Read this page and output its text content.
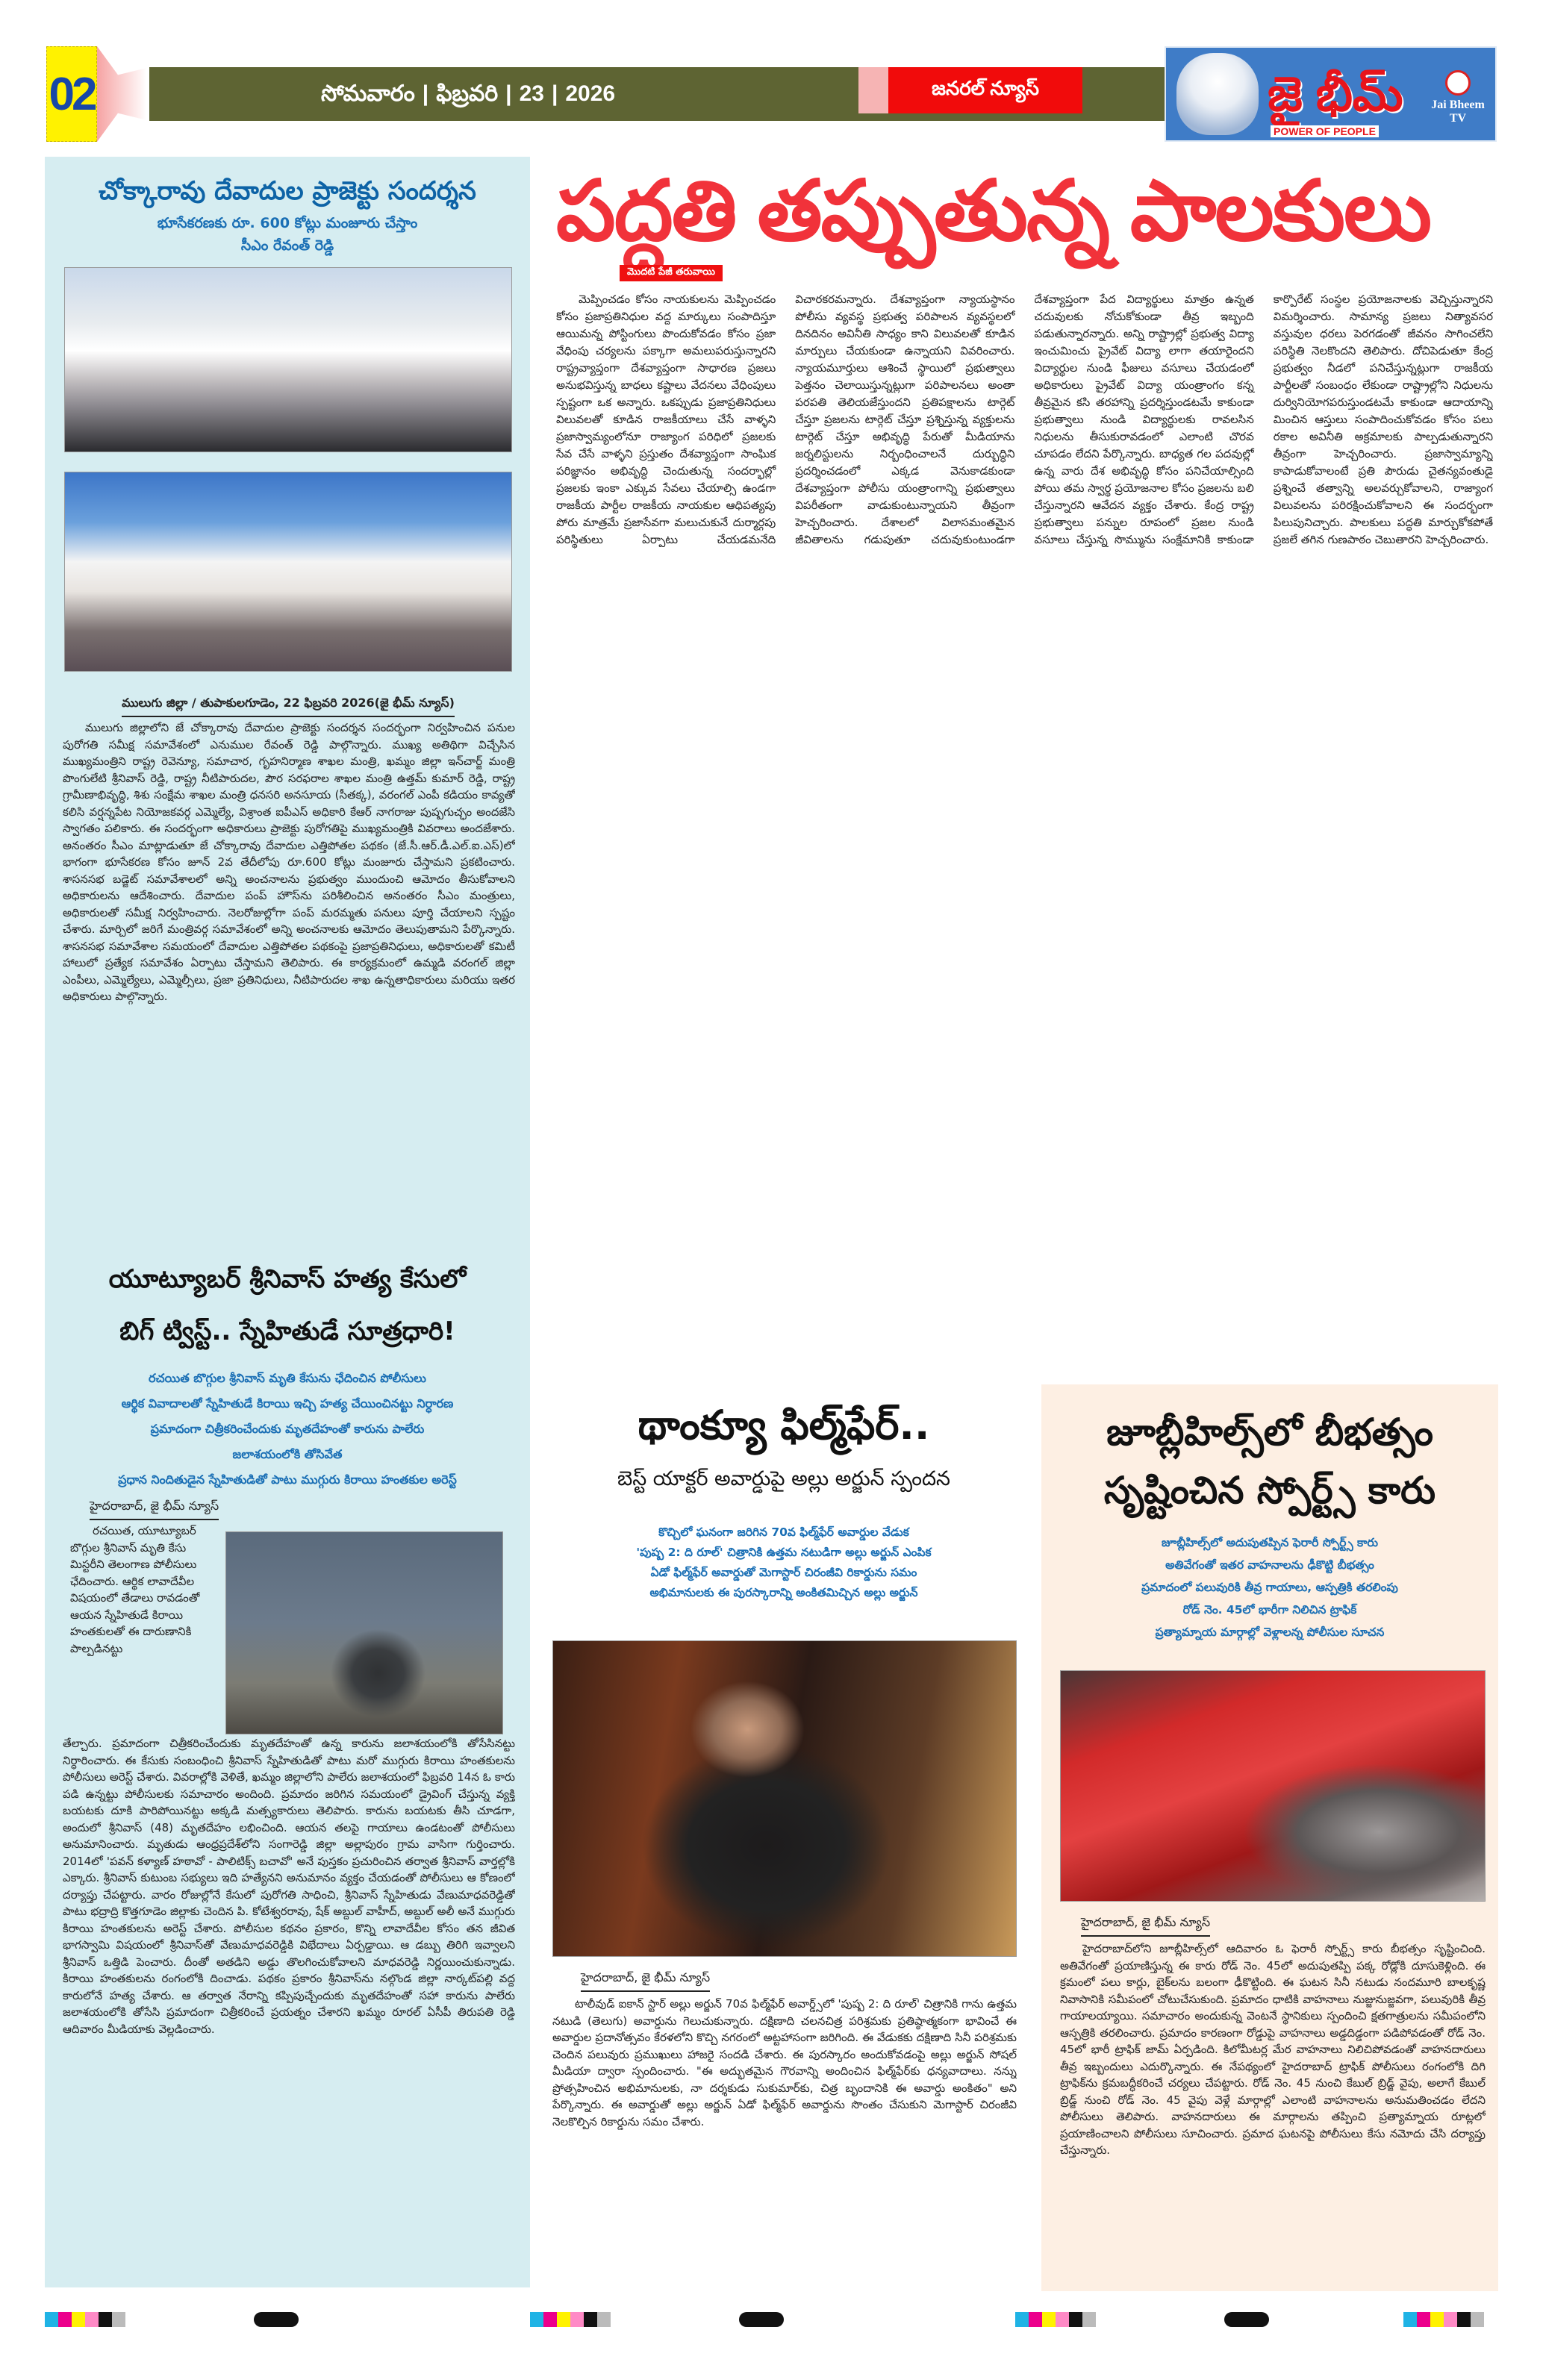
02	సోమవారం | ఫిబ్రవరి | 23 | 2026	జనరల్ న్యూస్	జై భీమ్
POWER OF PEOPLE
Jai Bheem TV
చోక్కారావు దేవాదుల ప్రాజెక్టు సందర్శన
భూసేకరణకు రూ. 600 కోట్లు మంజూరు చేస్తాం
సీఎం రేవంత్ రెడ్డి
ములుగు జిల్లా / తుపాకులగూడెం, 22 ఫిబ్రవరి 2026(జై భీమ్ న్యూస్)

ములుగు జిల్లాలోని జే చోక్కారావు దేవాదుల ప్రాజెక్టు సందర్శన సందర్భంగా నిర్వహించిన పనుల పురోగతి సమీక్ష సమావేశంలో ఎనుముల రేవంత్ రెడ్డి పాల్గొన్నారు. ముఖ్య అతిథిగా విచ్చేసిన ముఖ్యమంత్రిని రాష్ట్ర రెవెన్యూ, సమాచార, గృహనిర్మాణ శాఖల మంత్రి, ఖమ్మం జిల్లా ఇన్‌చార్జ్ మంత్రి పొంగులేటి శ్రీనివాస్ రెడ్డి, రాష్ట్ర నీటిపారుదల, పౌర సరఫరాల శాఖల మంత్రి ఉత్తమ్ కుమార్ రెడ్డి, రాష్ట్ర గ్రామీణాభివృద్ధి, శిశు సంక్షేమ శాఖల మంత్రి ధనసరి అనసూయ (సీతక్క), వరంగల్ ఎంపీ కడియం కావ్యతో కలిసి వర్షన్నపేట నియోజకవర్గ ఎమ్మెల్యే, విశ్రాంత ఐపీఎస్ అధికారి కేఆర్ నాగరాజు పుష్పగుచ్ఛం అందజేసి స్వాగతం పలికారు. ఈ సందర్భంగా అధికారులు ప్రాజెక్టు పురోగతిపై ముఖ్యమంత్రికి వివరాలు అందజేశారు. అనంతరం సీఎం మాట్లాడుతూ జే చోక్కారావు దేవాదుల ఎత్తిపోతల పథకం (జే.సీ.ఆర్.డీ.ఎల్.ఐ.ఎస్)లో భాగంగా భూసేకరణ కోసం జూన్ 2వ తేదీలోపు రూ.600 కోట్లు మంజూరు చేస్తామని ప్రకటించారు. శాసనసభ బడ్జెట్ సమావేశాలలో అన్ని అంచనాలను ప్రభుత్వం ముందుంచి ఆమోదం తీసుకోవాలని అధికారులను ఆదేశించారు. దేవాదుల పంప్ హౌస్‌ను పరిశీలించిన అనంతరం సీఎం మంత్రులు, అధికారులతో సమీక్ష నిర్వహించారు. నెలరోజుల్లోగా పంప్ మరమ్మతు పనులు పూర్తి చేయాలని స్పష్టం చేశారు. మార్చిలో జరిగే మంత్రివర్గ సమావేశంలో అన్ని అంచనాలకు ఆమోదం తెలుపుతామని పేర్కొన్నారు. శాసనసభ సమావేశాల సమయంలో దేవాదుల ఎత్తిపోతల పథకంపై ప్రజాప్రతినిధులు, అధికారులతో కమిటీ హాలులో ప్రత్యేక సమావేశం ఏర్పాటు చేస్తామని తెలిపారు. ఈ కార్యక్రమంలో ఉమ్మడి వరంగల్ జిల్లా ఎంపీలు, ఎమ్మెల్యేలు, ఎమ్మెల్సీలు, ప్రజా ప్రతినిధులు, నీటిపారుదల శాఖ ఉన్నతాధికారులు మరియు ఇతర అధికారులు పాల్గొన్నారు.

యూట్యూబర్ శ్రీనివాస్ హత్య కేసులో
బిగ్ ట్విస్ట్.. స్నేహితుడే సూత్రధారి!
రచయిత బొగ్గుల శ్రీనివాస్ మృతి కేసును ఛేదించిన పోలీసులు
ఆర్థిక వివాదాలతో స్నేహితుడే కిరాయి ఇచ్చి హత్య చేయించినట్టు నిర్ధారణ
ప్రమాదంగా చిత్రీకరించేందుకు మృతదేహంతో కారును పాలేరు
జలాశయంలోకి తోసివేత
ప్రధాన నిందితుడైన స్నేహితుడితో పాటు ముగ్గురు కిరాయి హంతకుల అరెస్ట్
హైదరాబాద్, జై భీమ్ న్యూస్

రచయిత, యూట్యూబర్ బొగ్గుల శ్రీనివాస్ మృతి కేసు మిస్టరీని తెలంగాణ పోలీసులు ఛేదించారు. ఆర్థిక లావాదేవీల విషయంలో తేడాలు రావడంతో ఆయన స్నేహితుడే కిరాయి హంతకులతో ఈ దారుణానికి పాల్పడినట్టు

తేల్చారు. ప్రమాదంగా చిత్రీకరించేందుకు మృతదేహంతో ఉన్న కారును జలాశయంలోకి తోసేసినట్టు నిర్ధారించారు. ఈ కేసుకు సంబంధించి శ్రీనివాస్ స్నేహితుడితో పాటు మరో ముగ్గురు కిరాయి హంతకులను పోలీసులు అరెస్ట్ చేశారు. వివరాల్లోకి వెళితే, ఖమ్మం జిల్లాలోని పాలేరు జలాశయంలో ఫిబ్రవరి 14న ఓ కారు పడి ఉన్నట్టు పోలీసులకు సమాచారం అందింది. ప్రమాదం జరిగిన సమయంలో డ్రైవింగ్ చేస్తున్న వ్యక్తి బయటకు దూకి పారిపోయినట్టు అక్కడి మత్స్యకారులు తెలిపారు. కారును బయటకు తీసి చూడగా, అందులో శ్రీనివాస్ (48) మృతదేహం లభించింది. ఆయన తలపై గాయాలు ఉండటంతో పోలీసులు అనుమానించారు. మృతుడు ఆంధ్రప్రదేశ్‌లోని సంగారెడ్డి జిల్లా అల్లాపురం గ్రామ వాసిగా గుర్తించారు. 2014లో 'పవన్ కళ్యాణ్ హఠావో - పాలిటిక్స్ బచావో' అనే పుస్తకం ప్రచురించిన తర్వాత శ్రీనివాస్ వార్తల్లోకి ఎక్కారు. శ్రీనివాస్ కుటుంబ సభ్యులు ఇది హత్యేనని అనుమానం వ్యక్తం చేయడంతో పోలీసులు ఆ కోణంలో దర్యాప్తు చేపట్టారు. వారం రోజుల్లోనే కేసులో పురోగతి సాధించి, శ్రీనివాస్ స్నేహితుడు వేణుమాధవరెడ్డితో పాటు భద్రాద్రి కొత్తగూడెం జిల్లాకు చెందిన పి. కోటేశ్వరరావు, షేక్ అబ్దుల్ వాహీద్, అబ్దుల్ అలీ అనే ముగ్గురు కిరాయి హంతకులను అరెస్ట్ చేశారు. పోలీసుల కథనం ప్రకారం, కొన్ని లావాదేవీల కోసం తన జీవిత భాగస్వామి విషయంలో శ్రీనివాస్‌తో వేణుమాధవరెడ్డికి విభేదాలు ఏర్పడ్డాయి. ఆ డబ్బు తిరిగి ఇవ్వాలని శ్రీనివాస్ ఒత్తిడి పెంచారు. దీంతో అతడిని అడ్డు తొలగించుకోవాలని మాధవరెడ్డి నిర్ణయించుకున్నాడు. కిరాయి హంతకులను రంగంలోకి దించాడు. పథకం ప్రకారం శ్రీనివాస్‌ను నల్గొండ జిల్లా నార్కట్‌పల్లి వద్ద కారులోనే హత్య చేశారు. ఆ తర్వాత నేరాన్ని కప్పిపుచ్చేందుకు మృతదేహంతో సహా కారును పాలేరు జలాశయంలోకి తోసేసి ప్రమాదంగా చిత్రీకరించే ప్రయత్నం చేశారని ఖమ్మం రూరల్ ఏసీపీ తిరుపతి రెడ్డి ఆదివారం మీడియాకు వెల్లడించారు.

పద్ధతి తప్పుతున్న పాలకులు
మొదటి పేజీ తరువాయి

మెప్పించడం కోసం నాయకులను మెప్పించడం కోసం ప్రజాప్రతినిధుల వద్ద మార్కులు సంపాదిస్తూ ఆయిమన్న పోస్టింగులు పొందుకోవడం కోసం ప్రజా వేధింపు చర్యలను పక్కాగా అమలుపరుస్తున్నారని రాష్ట్రవ్యాప్తంగా దేశవ్యాప్తంగా సాధారణ ప్రజలు అనుభవిస్తున్న బాధలు కష్టాలు వేదనలు వేధింపులు స్పష్టంగా ఒక అన్నారు. ఒకప్పుడు ప్రజాప్రతినిధులు విలువలతో కూడిన రాజకీయాలు చేసే వాళ్ళని ప్రజాస్వామ్యంలోనూ రాజ్యాంగ పరిధిలో ప్రజలకు సేవ చేసే వాళ్ళని ప్రస్తుతం దేశవ్యాప్తంగా సాంఘిక పరిజ్ఞానం అభివృద్ధి చెందుతున్న సందర్భాల్లో ప్రజలకు ఇంకా ఎక్కువ సేవలు చేయాల్సి ఉండగా రాజకీయ పార్టీల రాజకీయ నాయకుల ఆధిపత్యపు పోరు మాత్రమే ప్రజాసేవగా మలుచుకునే దుర్మార్గపు పరిస్థితులు ఏర్పాటు చేయడమనేది విచారకరమన్నారు. దేశవ్యాప్తంగా న్యాయస్థానం పోలీసు వ్యవస్థ ప్రభుత్వ పరిపాలన వ్యవస్థలలో దినదినం అవినీతి సాధ్యం కాని విలువలతో కూడిన మార్పులు చేయకుండా ఉన్నాయని వివరించారు. న్యాయమూర్తులు ఆశించే స్థాయిలో ప్రభుత్వాలు పెత్తనం చెలాయిస్తున్నట్లుగా పరిపాలనలు అంతా పరపతి తెలియజేస్తుందని ప్రతిపక్షాలను టార్గెట్ చేస్తూ ప్రజలను టార్గెట్ చేస్తూ ప్రశ్నిస్తున్న వ్యక్తులను టార్గెట్ చేస్తూ అభివృద్ధి పేరుతో మీడియాను జర్నలిస్టులను నిర్బంధించాలనే దుర్బుద్ధిని ప్రదర్శించడంలో ఎక్కడ వెనుకాడకుండా దేశవ్యాప్తంగా పోలీసు యంత్రాంగాన్ని ప్రభుత్వాలు విపరీతంగా వాడుకుంటున్నాయని తీవ్రంగా హెచ్చరించారు. దేశాలలో విలాసమంతమైన జీవితాలను గడుపుతూ చదువుకుంటుండగా దేశవ్యాప్తంగా పేద విద్యార్థులు మాత్రం ఉన్నత చదువులకు నోచుకోకుండా తీవ్ర ఇబ్బంది పడుతున్నారన్నారు. అన్ని రాష్ట్రాల్లో ప్రభుత్వ విద్యా ఇంచుమించు ప్రైవేట్ విద్యా లాగా తయారైందని విద్యార్థుల నుండి ఫీజులు వసూలు చేయడంలో అధికారులు ప్రైవేట్ విద్యా యంత్రాంగం కన్న తీవ్రమైన కసి తరహాన్ని ప్రదర్శిస్తుండటమే కాకుండా ప్రభుత్వాలు నుండి విద్యార్థులకు రావలసిన నిధులను తీసుకురావడంలో ఎలాంటి చొరవ చూపడం లేదని పేర్కొన్నారు. బాధ్యత గల పదవుల్లో ఉన్న వారు దేశ అభివృద్ధి కోసం పనిచేయాల్సింది పోయి తమ స్వార్థ ప్రయోజనాల కోసం ప్రజలను బలి చేస్తున్నారని ఆవేదన వ్యక్తం చేశారు. కేంద్ర రాష్ట్ర ప్రభుత్వాలు పన్నుల రూపంలో ప్రజల నుండి వసూలు చేస్తున్న సొమ్మును సంక్షేమానికి కాకుండా కార్పొరేట్ సంస్థల ప్రయోజనాలకు వెచ్చిస్తున్నారని విమర్శించారు. సామాన్య ప్రజలు నిత్యావసర వస్తువుల ధరలు పెరగడంతో జీవనం సాగించలేని పరిస్థితి నెలకొందని తెలిపారు. దోచిపెడుతూ కేంద్ర ప్రభుత్వం నీడలో పనిచేస్తున్నట్లుగా రాజకీయ పార్టీలతో సంబంధం లేకుండా రాష్ట్రాల్లోని నిధులను దుర్వినియోగపరుస్తుండటమే కాకుండా ఆదాయాన్ని మించిన ఆస్తులు సంపాదించుకోవడం కోసం పలు రకాల అవినీతి అక్రమాలకు పాల్పడుతున్నారని తీవ్రంగా హెచ్చరించారు. ప్రజాస్వామ్యాన్ని కాపాడుకోవాలంటే ప్రతి పౌరుడు చైతన్యవంతుడై ప్రశ్నించే తత్వాన్ని అలవర్చుకోవాలని, రాజ్యాంగ విలువలను పరిరక్షించుకోవాలని ఈ సందర్భంగా పిలుపునిచ్చారు. పాలకులు పద్ధతి మార్చుకోకపోతే ప్రజలే తగిన గుణపాఠం చెబుతారని హెచ్చరించారు.

థాంక్యూ ఫిల్మ్‌ఫేర్..
బెస్ట్ యాక్టర్ అవార్డుపై అల్లు అర్జున్ స్పందన
కొచ్చిలో ఘనంగా జరిగిన 70వ ఫిల్మ్‌ఫేర్ అవార్డుల వేడుక
'పుష్ప 2: ది రూల్' చిత్రానికి ఉత్తమ నటుడిగా అల్లు అర్జున్ ఎంపిక
ఏడో ఫిల్మ్‌ఫేర్ అవార్డుతో మెగాస్టార్ చిరంజీవి రికార్డును సమం
అభిమానులకు ఈ పురస్కారాన్ని అంకితమిచ్చిన అల్లు అర్జున్
హైదరాబాద్, జై భీమ్ న్యూస్

టాలీవుడ్ ఐకాన్ స్టార్ అల్లు అర్జున్ 70వ ఫిల్మ్‌ఫేర్ అవార్డ్స్‌లో 'పుష్ప 2: ది రూల్' చిత్రానికి గాను ఉత్తమ నటుడి (తెలుగు) అవార్డును గెలుచుకున్నారు. దక్షిణాది చలనచిత్ర పరిశ్రమకు ప్రతిష్ఠాత్మకంగా భావించే ఈ అవార్డుల ప్రదానోత్సవం కేరళలోని కొచ్చి నగరంలో అట్టహాసంగా జరిగింది. ఈ వేడుకకు దక్షిణాది సినీ పరిశ్రమకు చెందిన పలువురు ప్రముఖులు హాజరై సందడి చేశారు. ఈ పురస్కారం అందుకోవడంపై అల్లు అర్జున్ సోషల్ మీడియా ద్వారా స్పందించారు. "ఈ అద్భుతమైన గౌరవాన్ని అందించిన ఫిల్మ్‌ఫేర్‌కు ధన్యవాదాలు. నన్ను ప్రోత్సహించిన అభిమానులకు, నా దర్శకుడు సుకుమార్‌కు, చిత్ర బృందానికి ఈ అవార్డు అంకితం" అని పేర్కొన్నారు. ఈ అవార్డుతో అల్లు అర్జున్ ఏడో ఫిల్మ్‌ఫేర్ అవార్డును సొంతం చేసుకుని మెగాస్టార్ చిరంజీవి నెలకొల్పిన రికార్డును సమం చేశారు.

జూబ్లీహిల్స్‌లో బీభత్సం
సృష్టించిన స్పోర్ట్స్ కారు
జూబ్లీహిల్స్‌లో అదుపుతప్పిన ఫెరారీ స్పోర్ట్స్ కారు
అతివేగంతో ఇతర వాహనాలను ఢీకొట్టి బీభత్సం
ప్రమాదంలో పలువురికి తీవ్ర గాయాలు, ఆస్పత్రికి తరలింపు
రోడ్ నెం. 45లో భారీగా నిలిచిన ట్రాఫిక్
ప్రత్యామ్నాయ మార్గాల్లో వెళ్లాలన్న పోలీసుల సూచన
హైదరాబాద్, జై భీమ్ న్యూస్

హైదరాబాద్‌లోని జూబ్లీహిల్స్‌లో ఆదివారం ఓ ఫెరారీ స్పోర్ట్స్ కారు బీభత్సం సృష్టించింది. అతివేగంతో ప్రయాణిస్తున్న ఈ కారు రోడ్ నెం. 45లో అదుపుతప్పి పక్క రోడ్లోకి దూసుకెళ్లింది. ఈ క్రమంలో పలు కార్లు, బైక్‌లను బలంగా ఢీకొట్టింది. ఈ ఘటన సినీ నటుడు నందమూరి బాలకృష్ణ నివాసానికి సమీపంలో చోటుచేసుకుంది. ప్రమాదం ధాటికి వాహనాలు నుజ్జునుజ్జవగా, పలువురికి తీవ్ర గాయాలయ్యాయి. సమాచారం అందుకున్న వెంటనే స్థానికులు స్పందించి క్షతగాత్రులను సమీపంలోని ఆస్పత్రికి తరలించారు. ప్రమాదం కారణంగా రోడ్డుపై వాహనాలు అడ్డదిడ్డంగా పడిపోవడంతో రోడ్ నెం. 45లో భారీ ట్రాఫిక్ జామ్ ఏర్పడింది. కిలోమీటర్ల మేర వాహనాలు నిలిచిపోవడంతో వాహనదారులు తీవ్ర ఇబ్బందులు ఎదుర్కొన్నారు. ఈ నేపథ్యంలో హైదరాబాద్ ట్రాఫిక్ పోలీసులు రంగంలోకి దిగి ట్రాఫిక్‌ను క్రమబద్ధీకరించే చర్యలు చేపట్టారు. రోడ్ నెం. 45 నుంచి కేబుల్ బ్రిడ్జ్ వైపు, అలాగే కేబుల్ బ్రిడ్జ్ నుంచి రోడ్ నెం. 45 వైపు వెళ్లే మార్గాల్లో ఎలాంటి వాహనాలను అనుమతించడం లేదని పోలీసులు తెలిపారు. వాహనదారులు ఈ మార్గాలను తప్పించి ప్రత్యామ్నాయ రూట్లలో ప్రయాణించాలని పోలీసులు సూచించారు. ప్రమాద ఘటనపై పోలీసులు కేసు నమోదు చేసి దర్యాప్తు చేస్తున్నారు.
